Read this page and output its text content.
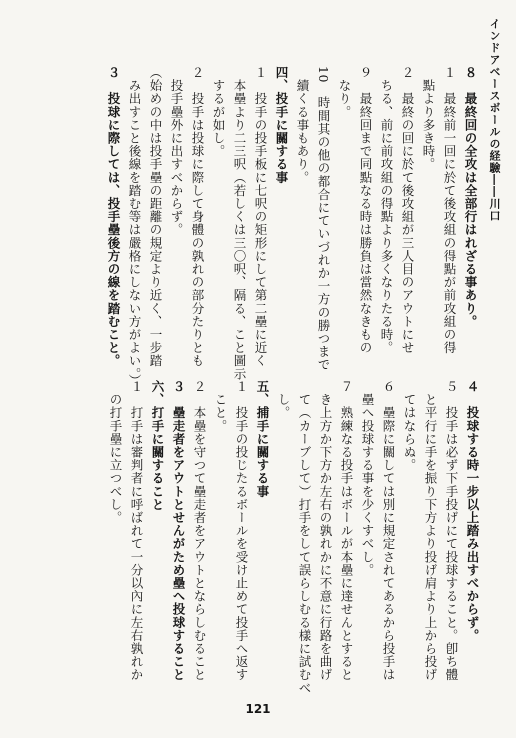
インドアベースボールの経驗――川口
８　最終回の全攻は全部行はれざる事あり。
１　最終前一回に於て後攻組の得點が前攻組の得
　點より多き時。
２　最終の回に於て後攻組が三人目のアウトにせ
　ちる、前に前攻組の得點より多くなりたる時。
９　最終回まで同點なる時は勝負は當然なきもの
　なり。
10　時間其の他の都合にていづれか一方の勝つまで
　續くる事もあり。
四、投手に關する事
１　投手の投手板に七呎の矩形にして第二壘に近く
　本壘より二三呎（若しくは三〇呎、隔る、こと圖示
　するが如し。
２　投手は投球に際して身體の孰れの部分たりとも
　投手壘外に出すべからず。
（始めの中は投手壘の距離の規定より近く、一步踏
　み出すこと後線を踏む等は嚴格にしない方がよい。）
３　投球に際しては、投手壘後方の線を踏むこと。
４　投球する時一步以上踏み出すべからず。
５　投手は必ず下手投げにて投球すること。卽ち體
　と平行に手を振り下方より投げ肩より上から投げ
　てはならぬ。
６　壘際に關しては別に規定されてあるから投手は
　壘へ投球する事を少くすべし。
７　熟練なる投手はボールが本壘に達せんとすると
　き上方か下方か左右の孰れかに不意に行路を曲げ
　て（カーブして）打手をして誤らしむる樣に試むべ
　し。
五、捕手に關する事
１　投手の投じたるボールを受け止めて投手へ返す
　こと。
２　本壘を守つて壘走者をアウトとならしむること
３　壘走者をアウトとせんがため壘へ投球すること
六、打手に關すること
１　打手は審判者に呼ばれて一分以內に左右孰れか
　の打手壘に立つべし。
121
